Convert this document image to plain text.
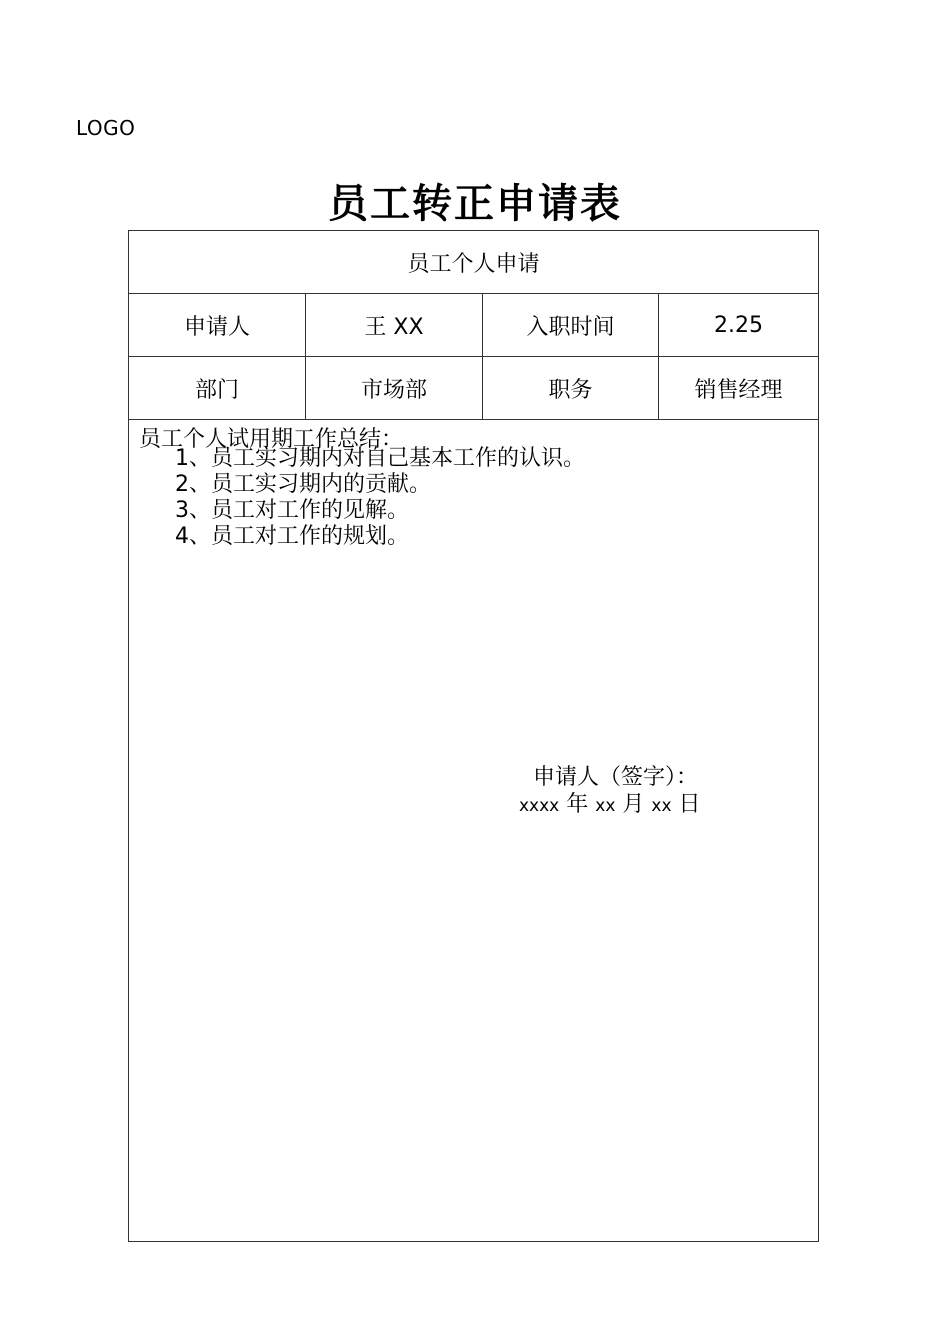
LOGO
员工转正申请表
员工个人申请
申请人	王 XX	入职时间	2.25
部门	市场部	职务	销售经理
员工个人试用期工作总结：
1、员工实习期内对自己基本工作的认识。
2、员工实习期内的贡献。
3、员工对工作的见解。
4、员工对工作的规划。
申请人（签字）：
xxxx 年 xx 月 xx 日
